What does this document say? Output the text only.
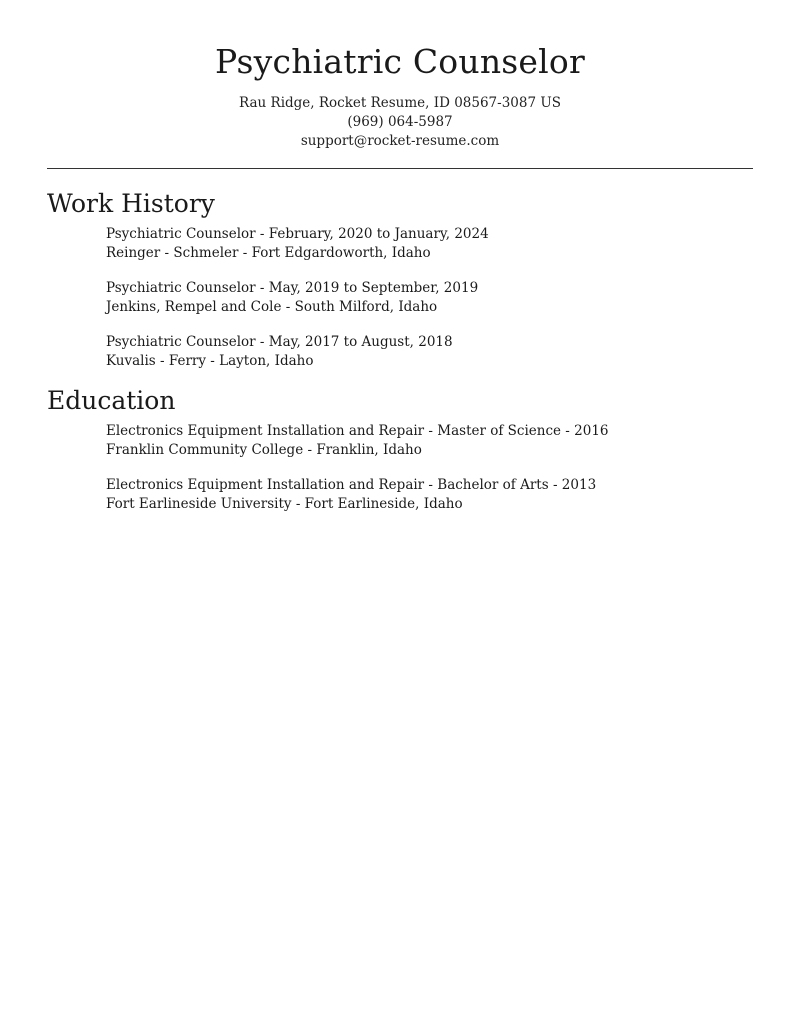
Psychiatric Counselor
Rau Ridge, Rocket Resume, ID 08567-3087 US
(969) 064-5987
support@rocket-resume.com
Work History
Psychiatric Counselor - February, 2020 to January, 2024
Reinger - Schmeler - Fort Edgardoworth, Idaho
Psychiatric Counselor - May, 2019 to September, 2019
Jenkins, Rempel and Cole - South Milford, Idaho
Psychiatric Counselor - May, 2017 to August, 2018
Kuvalis - Ferry - Layton, Idaho
Education
Electronics Equipment Installation and Repair - Master of Science - 2016
Franklin Community College - Franklin, Idaho
Electronics Equipment Installation and Repair - Bachelor of Arts - 2013
Fort Earlineside University - Fort Earlineside, Idaho
